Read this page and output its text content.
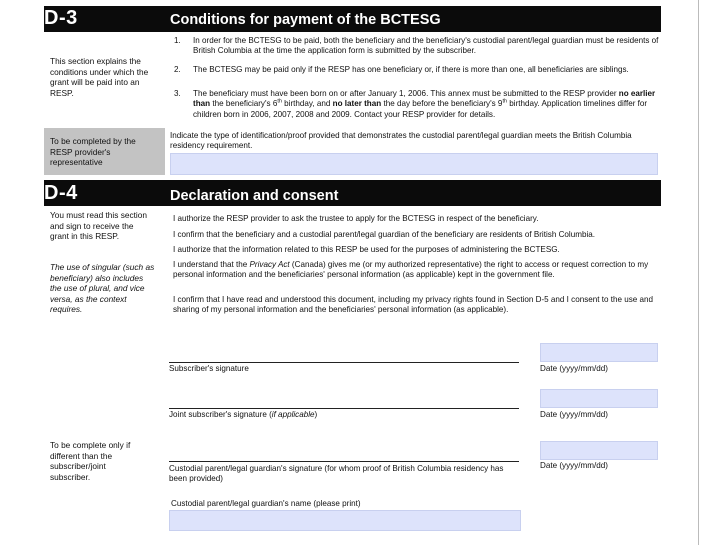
D-3	Conditions for payment of the BCTESG
This section explains the conditions under which the grant will be paid into an RESP.
1. In order for the BCTESG to be paid, both the beneficiary and the beneficiary's custodial parent/legal guardian must be residents of British Columbia at the time the application form is submitted by the subscriber.
2. The BCTESG may be paid only if the RESP has one beneficiary or, if there is more than one, all beneficiaries are siblings.
3. The beneficiary must have been born on or after January 1, 2006. This annex must be submitted to the RESP provider no earlier than the beneficiary's 6th birthday, and no later than the day before the beneficiary's 9th birthday. Application timelines differ for children born in 2006, 2007, 2008 and 2009. Contact your RESP provider for details.
To be completed by the RESP provider's representative
Indicate the type of identification/proof provided that demonstrates the custodial parent/legal guardian meets the British Columbia residency requirement.
D-4	Declaration and consent
You must read this section and sign to receive the grant in this RESP.
The use of singular (such as beneficiary) also includes the use of plural, and vice versa, as the context requires.
I authorize the RESP provider to ask the trustee to apply for the BCTESG in respect of the beneficiary.
I confirm that the beneficiary and a custodial parent/legal guardian of the beneficiary are residents of British Columbia.
I authorize that the information related to this RESP be used for the purposes of administering the BCTESG.
I understand that the Privacy Act (Canada) gives me (or my authorized representative) the right to access or request correction to my personal information and the beneficiaries' personal information (as applicable) kept in the government file.
I confirm that I have read and understood this document, including my privacy rights found in Section D-5 and I consent to the use and sharing of my personal information and the beneficiaries' personal information (as applicable).
Subscriber's signature	Date (yyyy/mm/dd)
Joint subscriber's signature (if applicable)	Date (yyyy/mm/dd)
To be complete only if different than the subscriber/joint subscriber.
Custodial parent/legal guardian's signature (for whom proof of British Columbia residency has been provided)
Date (yyyy/mm/dd)
Custodial parent/legal guardian's name (please print)
